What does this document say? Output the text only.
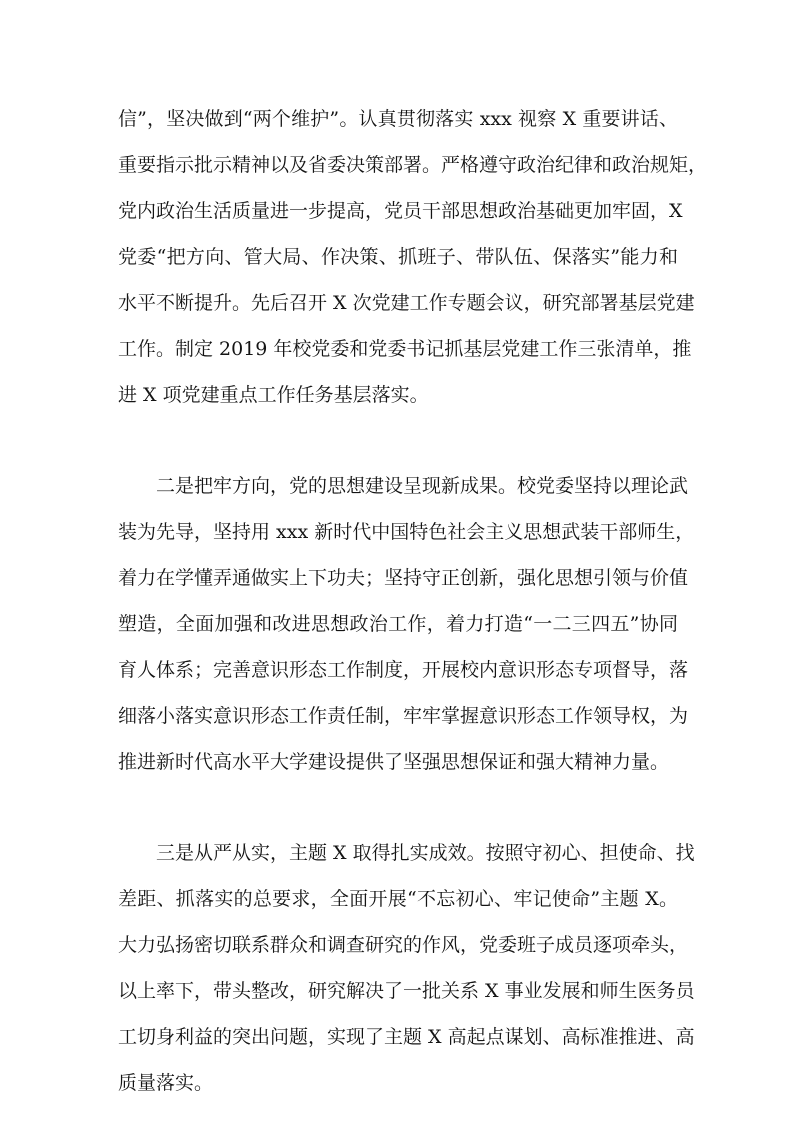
信”，坚决做到“两个维护”。认真贯彻落实 xxx 视察 X 重要讲话、
重要指示批示精神以及省委决策部署。严格遵守政治纪律和政治规矩，
党内政治生活质量进一步提高，党员干部思想政治基础更加牢固，X
党委“把方向、管大局、作决策、抓班子、带队伍、保落实”能力和
水平不断提升。先后召开 X 次党建工作专题会议，研究部署基层党建
工作。制定 2019 年校党委和党委书记抓基层党建工作三张清单，推
进 X 项党建重点工作任务基层落实。
二是把牢方向，党的思想建设呈现新成果。校党委坚持以理论武
装为先导，坚持用 xxx 新时代中国特色社会主义思想武装干部师生，
着力在学懂弄通做实上下功夫；坚持守正创新，强化思想引领与价值
塑造，全面加强和改进思想政治工作，着力打造“一二三四五”协同
育人体系；完善意识形态工作制度，开展校内意识形态专项督导，落
细落小落实意识形态工作责任制，牢牢掌握意识形态工作领导权，为
推进新时代高水平大学建设提供了坚强思想保证和强大精神力量。
三是从严从实，主题 X 取得扎实成效。按照守初心、担使命、找
差距、抓落实的总要求，全面开展“不忘初心、牢记使命”主题 X。
大力弘扬密切联系群众和调查研究的作风，党委班子成员逐项牵头，
以上率下，带头整改，研究解决了一批关系 X 事业发展和师生医务员
工切身利益的突出问题，实现了主题 X 高起点谋划、高标准推进、高
质量落实。
